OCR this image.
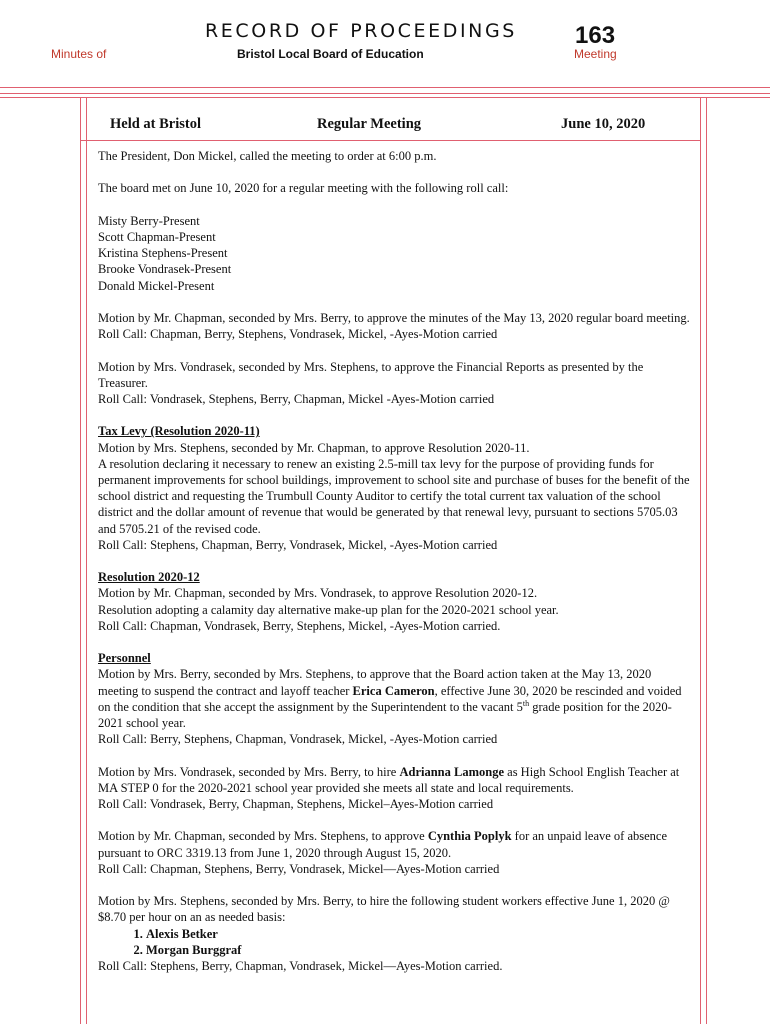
RECORD OF PROCEEDINGS
Bristol Local Board of Education
Minutes of
163
Meeting
Held at Bristol	Regular Meeting	June 10, 2020

The President, Don Mickel, called the meeting to order at 6:00 p.m.

The board met on June 10, 2020 for a regular meeting with the following roll call:

Misty Berry-Present
Scott Chapman-Present
Kristina Stephens-Present
Brooke Vondrasek-Present
Donald Mickel-Present

Motion by Mr. Chapman, seconded by Mrs. Berry, to approve the minutes of the May 13, 2020 regular board meeting.
Roll Call: Chapman, Berry, Stephens, Vondrasek, Mickel, -Ayes-Motion carried

Motion by Mrs. Vondrasek, seconded by Mrs. Stephens, to approve the Financial Reports as presented by the Treasurer.
Roll Call: Vondrasek, Stephens, Berry, Chapman, Mickel -Ayes-Motion carried

Tax Levy (Resolution 2020-11)
Motion by Mrs. Stephens, seconded by Mr. Chapman, to approve Resolution 2020-11.
A resolution declaring it necessary to renew an existing 2.5-mill tax levy for the purpose of providing funds for permanent improvements for school buildings, improvement to school site and purchase of buses for the benefit of the school district and requesting the Trumbull County Auditor to certify the total current tax valuation of the school district and the dollar amount of revenue that would be generated by that renewal levy, pursuant to sections 5705.03 and 5705.21 of the revised code.
Roll Call: Stephens, Chapman, Berry, Vondrasek, Mickel, -Ayes-Motion carried

Resolution 2020-12
Motion by Mr. Chapman, seconded by Mrs. Vondrasek, to approve Resolution 2020-12.
Resolution adopting a calamity day alternative make-up plan for the 2020-2021 school year.
Roll Call: Chapman, Vondrasek, Berry, Stephens, Mickel, -Ayes-Motion carried.

Personnel
Motion by Mrs. Berry, seconded by Mrs. Stephens, to approve that the Board action taken at the May 13, 2020 meeting to suspend the contract and layoff teacher Erica Cameron, effective June 30, 2020 be rescinded and voided on the condition that she accept the assignment by the Superintendent to the vacant 5th grade position for the 2020-2021 school year.
Roll Call: Berry, Stephens, Chapman, Vondrasek, Mickel, -Ayes-Motion carried

Motion by Mrs. Vondrasek, seconded by Mrs. Berry, to hire Adrianna Lamonge as High School English Teacher at MA STEP 0 for the 2020-2021 school year provided she meets all state and local requirements.
Roll Call: Vondrasek, Berry, Chapman, Stephens, Mickel–Ayes-Motion carried

Motion by Mr. Chapman, seconded by Mrs. Stephens, to approve Cynthia Poplyk for an unpaid leave of absence pursuant to ORC 3319.13 from June 1, 2020 through August 15, 2020.
Roll Call: Chapman, Stephens, Berry, Vondrasek, Mickel—Ayes-Motion carried

Motion by Mrs. Stephens, seconded by Mrs. Berry, to hire the following student workers effective June 1, 2020 @ $8.70 per hour on an as needed basis:
1. Alexis Betker
2. Morgan Burggraf
Roll Call: Stephens, Berry, Chapman, Vondrasek, Mickel—Ayes-Motion carried.
